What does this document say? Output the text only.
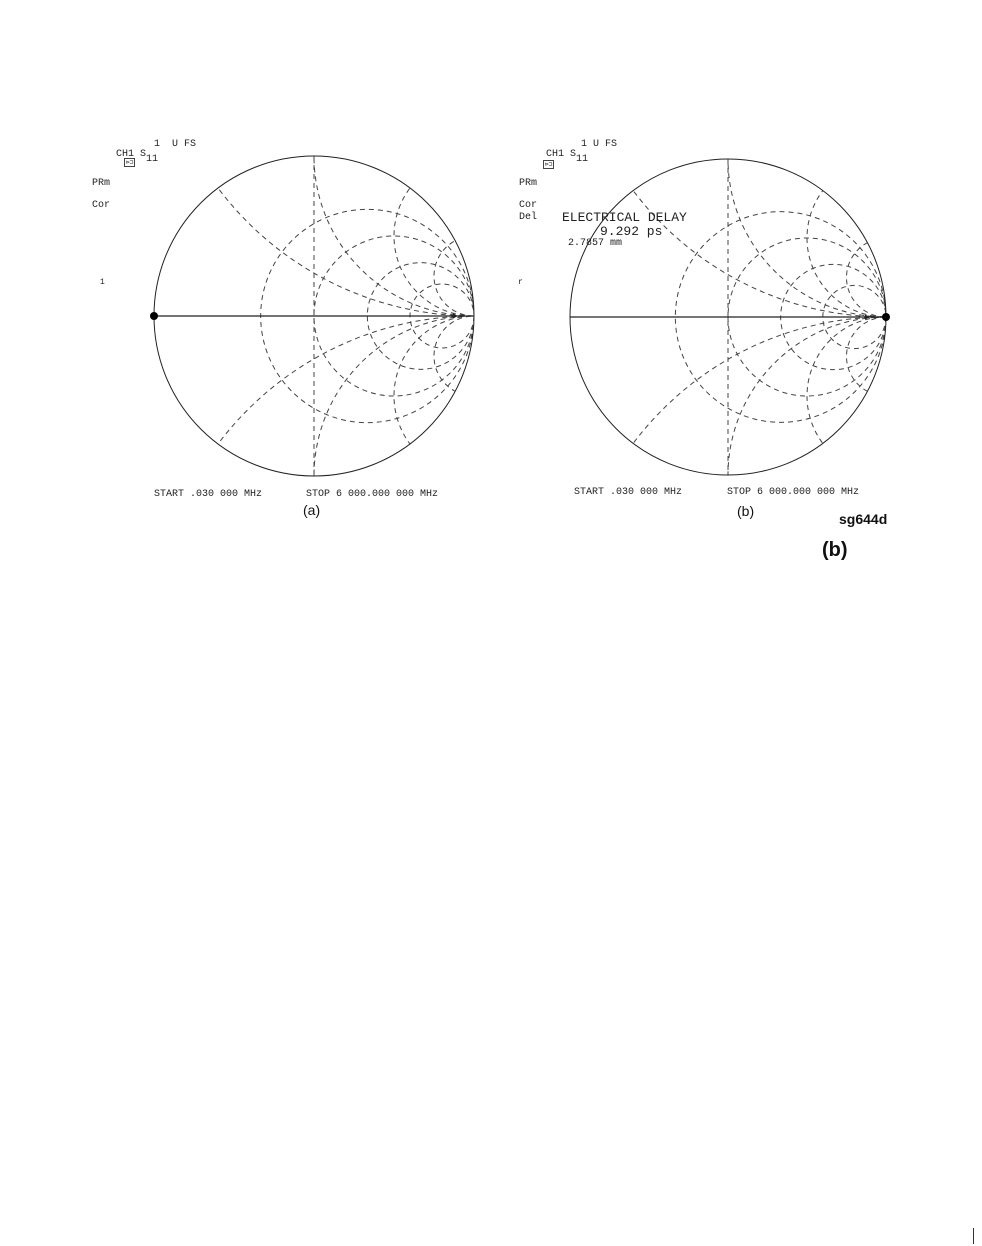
CH1 S11

1  U FS
⊳⊐
PRm
Cor
1
START .030 000 MHz	STOP 6 000.000 000 MHz
(a)

CH1 S11

1 U FS
⊳⊐
PRm
Cor
Del
r
ELECTRICAL DELAY
9.292 ps
2.7857 mm
START .030 000 MHz	STOP 6 000.000 000 MHz
(b)	sg644d
(b)
